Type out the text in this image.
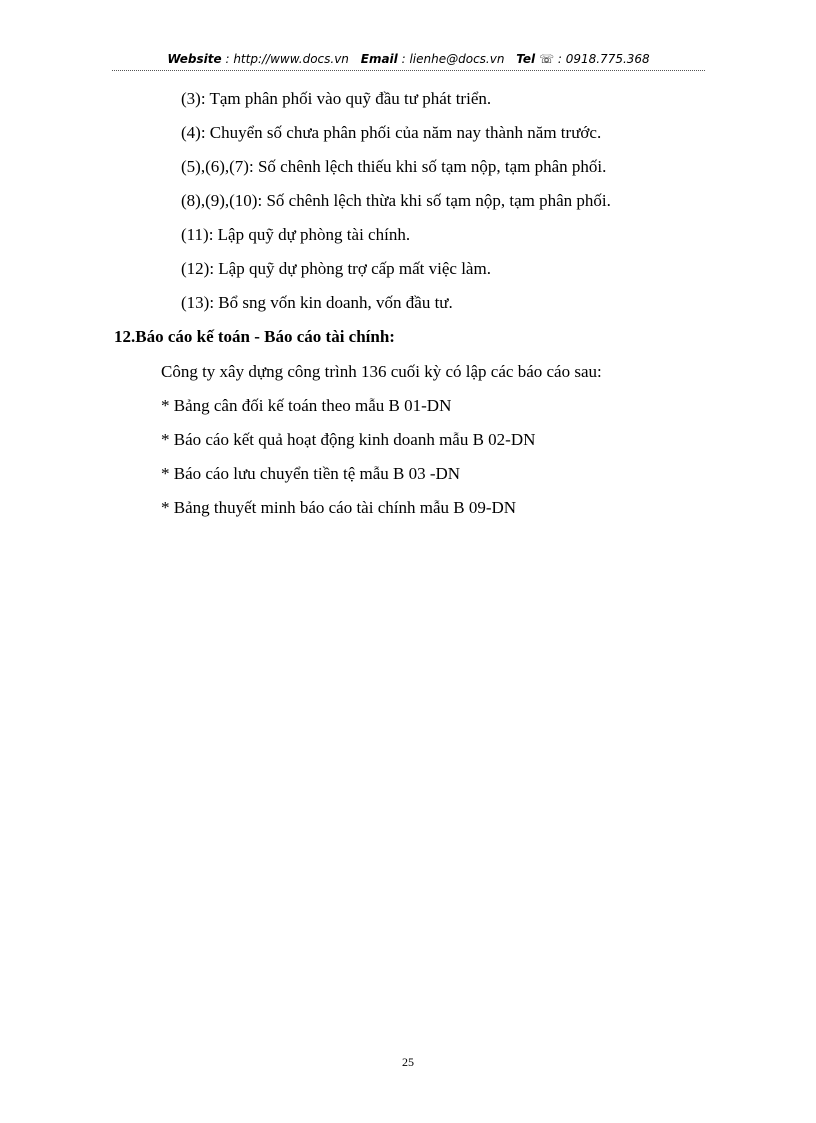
Website : http://www.docs.vn Email : lienhe@docs.vn Tel ☏ : 0918.775.368
(3): Tạm phân phối vào quỹ đầu tư phát triển.
(4): Chuyển số chưa phân phối của năm nay thành năm trước.
(5),(6),(7): Số chênh lệch thiếu khi số tạm nộp, tạm phân phối.
(8),(9),(10): Số chênh lệch thừa khi số tạm nộp, tạm phân phối.
(11): Lập quỹ dự phòng tài chính.
(12): Lập quỹ dự phòng trợ cấp mất việc làm.
(13): Bổ sng vốn kin doanh, vốn đầu tư.
12.Báo cáo kế toán - Báo cáo tài chính:
Công ty xây dựng công trình 136 cuối kỳ có lập các báo cáo sau:
* Bảng cân đối kế toán theo mẫu B 01-DN
* Báo cáo kết quả hoạt động kinh doanh mẫu B 02-DN
* Báo cáo lưu chuyển tiền tệ mẫu B 03 -DN
* Bảng thuyết minh báo cáo tài chính mẫu B 09-DN
25
